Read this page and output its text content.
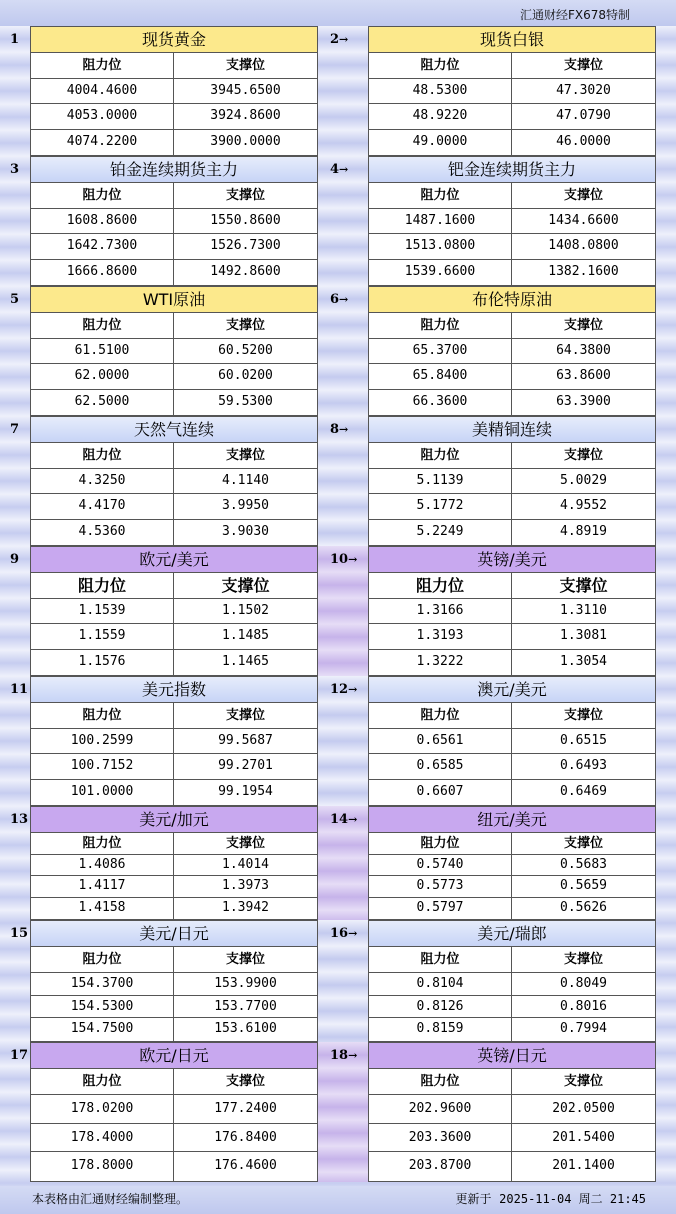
汇通财经FX678特制
现货黄金
阻力位	支撑位
4004.4600	3945.6500
4053.0000	3924.8600
4074.2200	3900.0000
现货白银
阻力位	支撑位
48.5300	47.3020
48.9220	47.0790
49.0000	46.0000
铂金连续期货主力
阻力位	支撑位
1608.8600	1550.8600
1642.7300	1526.7300
1666.8600	1492.8600
钯金连续期货主力
阻力位	支撑位
1487.1600	1434.6600
1513.0800	1408.0800
1539.6600	1382.1600
WTI原油
阻力位	支撑位
61.5100	60.5200
62.0000	60.0200
62.5000	59.5300
布伦特原油
阻力位	支撑位
65.3700	64.3800
65.8400	63.8600
66.3600	63.3900
天然气连续
阻力位	支撑位
4.3250	4.1140
4.4170	3.9950
4.5360	3.9030
美精铜连续
阻力位	支撑位
5.1139	5.0029
5.1772	4.9552
5.2249	4.8919
欧元/美元
阻力位	支撑位
1.1539	1.1502
1.1559	1.1485
1.1576	1.1465
英镑/美元
阻力位	支撑位
1.3166	1.3110
1.3193	1.3081
1.3222	1.3054
美元指数
阻力位	支撑位
100.2599	99.5687
100.7152	99.2701
101.0000	99.1954
澳元/美元
阻力位	支撑位
0.6561	0.6515
0.6585	0.6493
0.6607	0.6469
美元/加元
阻力位	支撑位
1.4086	1.4014
1.4117	1.3973
1.4158	1.3942
纽元/美元
阻力位	支撑位
0.5740	0.5683
0.5773	0.5659
0.5797	0.5626
美元/日元
阻力位	支撑位
154.3700	153.9900
154.5300	153.7700
154.7500	153.6100
美元/瑞郎
阻力位	支撑位
0.8104	0.8049
0.8126	0.8016
0.8159	0.7994
欧元/日元
阻力位	支撑位
178.0200	177.2400
178.4000	176.8400
178.8000	176.4600
英镑/日元
阻力位	支撑位
202.9600	202.0500
203.3600	201.5400
203.8700	201.1400
本表格由汇通财经编制整理。	更新于 2025-11-04 周二 21:45
1	2→
3	4→
5	6→
7	8→
9	10→
11	12→
13	14→
15	16→
17	18→
